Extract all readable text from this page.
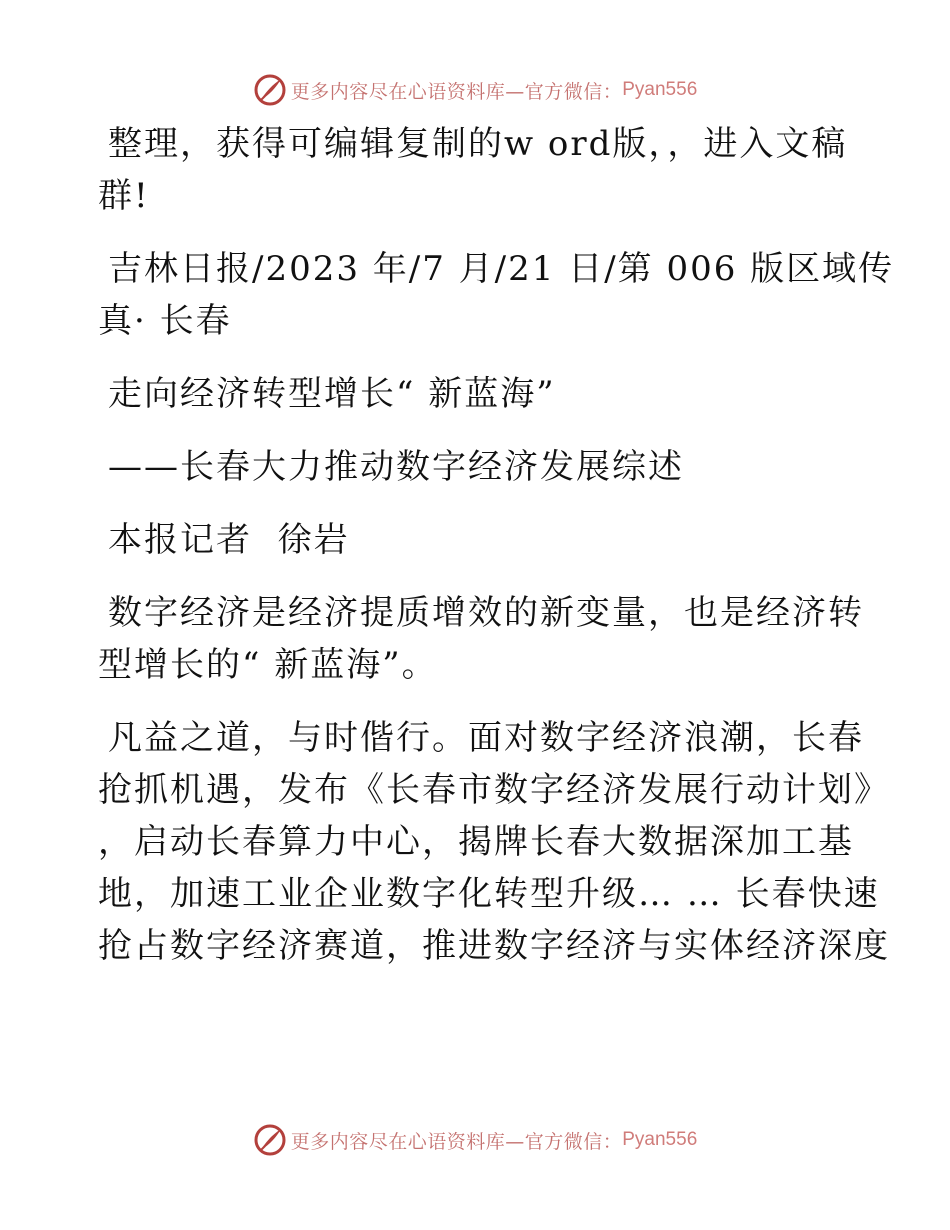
更多内容尽在心语资料库—官方微信： Pyan556
整理，获得可编辑复制的w ord版，，进入文稿
群!
吉林日报/2023 年/7 月/21 日/第 006 版区域传
真· 长春
走向经济转型增长“ 新蓝海”
——长春大力推动数字经济发展综述
本报记者  徐岩
数字经济是经济提质增效的新变量，也是经济转
型增长的“ 新蓝海”。
凡益之道，与时偕行。面对数字经济浪潮，长春
抢抓机遇，发布《长春市数字经济发展行动计划》
，启动长春算力中心，揭牌长春大数据深加工基
地，加速工业企业数字化转型升级… … 长春快速
抢占数字经济赛道，推进数字经济与实体经济深度
更多内容尽在心语资料库—官方微信： Pyan556
